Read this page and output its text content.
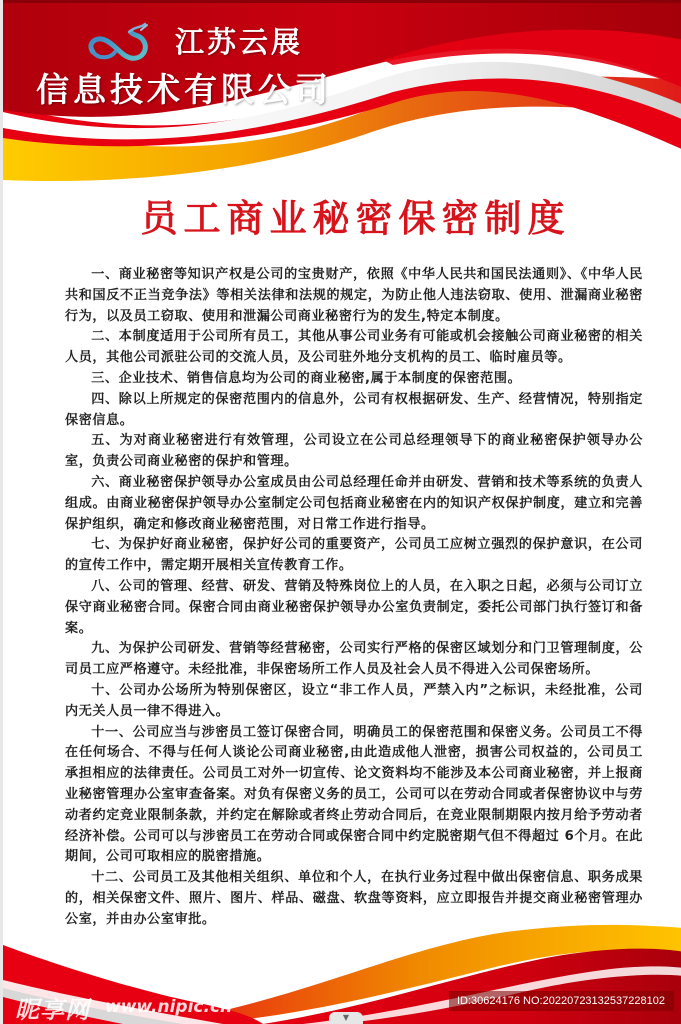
江苏云展
信息技术有限公司
员工商业秘密保密制度

一、商业秘密等知识产权是公司的宝贵财产，依照《中华人民共和国民法通则》、《中华人民共和国反不正当竞争法》等相关法律和法规的规定，为防止他人违法窃取、使用、泄漏商业秘密行为，以及员工窃取、使用和泄漏公司商业秘密行为的发生,特定本制度。

二、本制度适用于公司所有员工，其他从事公司业务有可能或机会接触公司商业秘密的相关人员，其他公司派驻公司的交流人员，及公司驻外地分支机构的员工、临时雇员等。

三、企业技术、销售信息均为公司的商业秘密,属于本制度的保密范围。

四、除以上所规定的保密范围内的信息外，公司有权根据研发、生产、经营情况，特别指定保密信息。

五、为对商业秘密进行有效管理，公司设立在公司总经理领导下的商业秘密保护领导办公室，负责公司商业秘密的保护和管理。

六、商业秘密保护领导办公室成员由公司总经理任命并由研发、营销和技术等系统的负责人组成。由商业秘密保护领导办公室制定公司包括商业秘密在内的知识产权保护制度，建立和完善保护组织，确定和修改商业秘密范围，对日常工作进行指导。

七、为保护好商业秘密，保护好公司的重要资产，公司员工应树立强烈的保护意识，在公司的宣传工作中，需定期开展相关宣传教育工作。

八、公司的管理、经营、研发、营销及特殊岗位上的人员，在入职之日起，必须与公司订立保守商业秘密合同。保密合同由商业秘密保护领导办公室负责制定，委托公司部门执行签订和备案。

九、为保护公司研发、营销等经营秘密，公司实行严格的保密区域划分和门卫管理制度，公司员工应严格遵守。未经批准，非保密场所工作人员及社会人员不得进入公司保密场所。

十、公司办公场所为特别保密区，设立“非工作人员，严禁入内”之标识，未经批准，公司内无关人员一律不得进入。

十一、公司应当与涉密员工签订保密合同，明确员工的保密范围和保密义务。公司员工不得在任何场合、不得与任何人谈论公司商业秘密,由此造成他人泄密，损害公司权益的，公司员工承担相应的法律责任。公司员工对外一切宣传、论文资料均不能涉及本公司商业秘密，并上报商业秘密管理办公室审查备案。对负有保密义务的员工，公司可以在劳动合同或者保密协议中与劳动者约定竞业限制条款，并约定在解除或者终止劳动合同后，在竞业限制期限内按月给予劳动者经济补偿。公司可以与涉密员工在劳动合同或保密合同中约定脱密期气但不得超过 6个月。在此期间，公司可取相应的脱密措施。

十二、公司员工及其他相关组织、单位和个人，在执行业务过程中做出保密信息、职务成果的，相关保密文件、照片、图片、样品、磁盘、软盘等资料，应立即报告并提交商业秘密管理办公室，并由办公室审批。

昵享网 www.nipic.cn	ID:30624176 NO:20220723132537228102
▼
